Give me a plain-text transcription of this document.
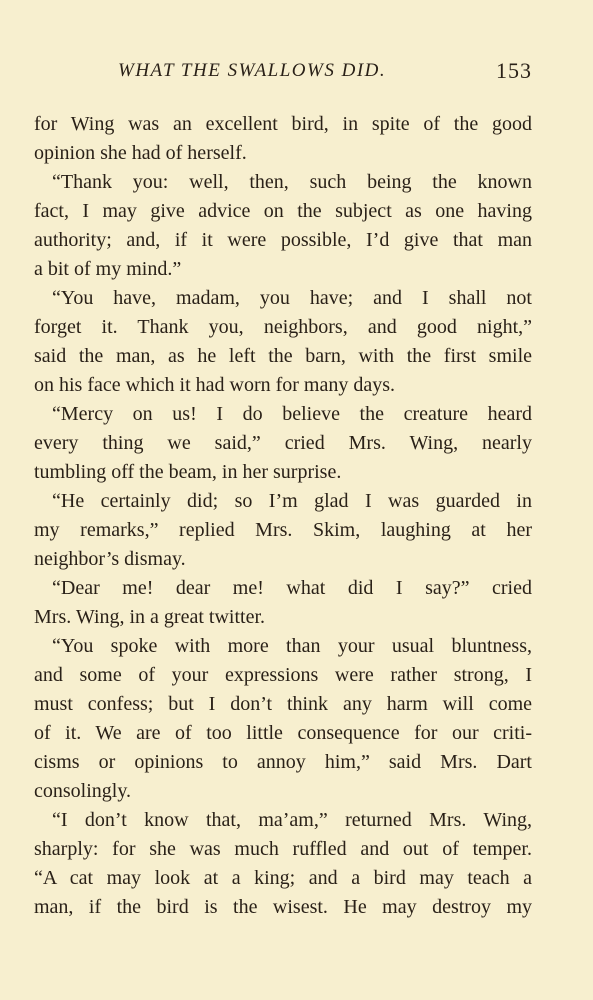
WHAT THE SWALLOWS DID.	153
for Wing was an excellent bird, in spite of the good
opinion she had of herself.
“Thank you: well, then, such being the known
fact, I may give advice on the subject as one having
authority; and, if it were possible, I’d give that man
a bit of my mind.”
“You have, madam, you have; and I shall not
forget it. Thank you, neighbors, and good night,”
said the man, as he left the barn, with the first smile
on his face which it had worn for many days.
“Mercy on us! I do believe the creature heard
every thing we said,” cried Mrs. Wing, nearly
tumbling off the beam, in her surprise.
“He certainly did; so I’m glad I was guarded in
my remarks,” replied Mrs. Skim, laughing at her
neighbor’s dismay.
“Dear me! dear me! what did I say?” cried
Mrs. Wing, in a great twitter.
“You spoke with more than your usual bluntness,
and some of your expressions were rather strong, I
must confess; but I don’t think any harm will come
of it. We are of too little consequence for our criti-
cisms or opinions to annoy him,” said Mrs. Dart
consolingly.
“I don’t know that, ma’am,” returned Mrs. Wing,
sharply: for she was much ruffled and out of temper.
“A cat may look at a king; and a bird may teach a
man, if the bird is the wisest. He may destroy my
